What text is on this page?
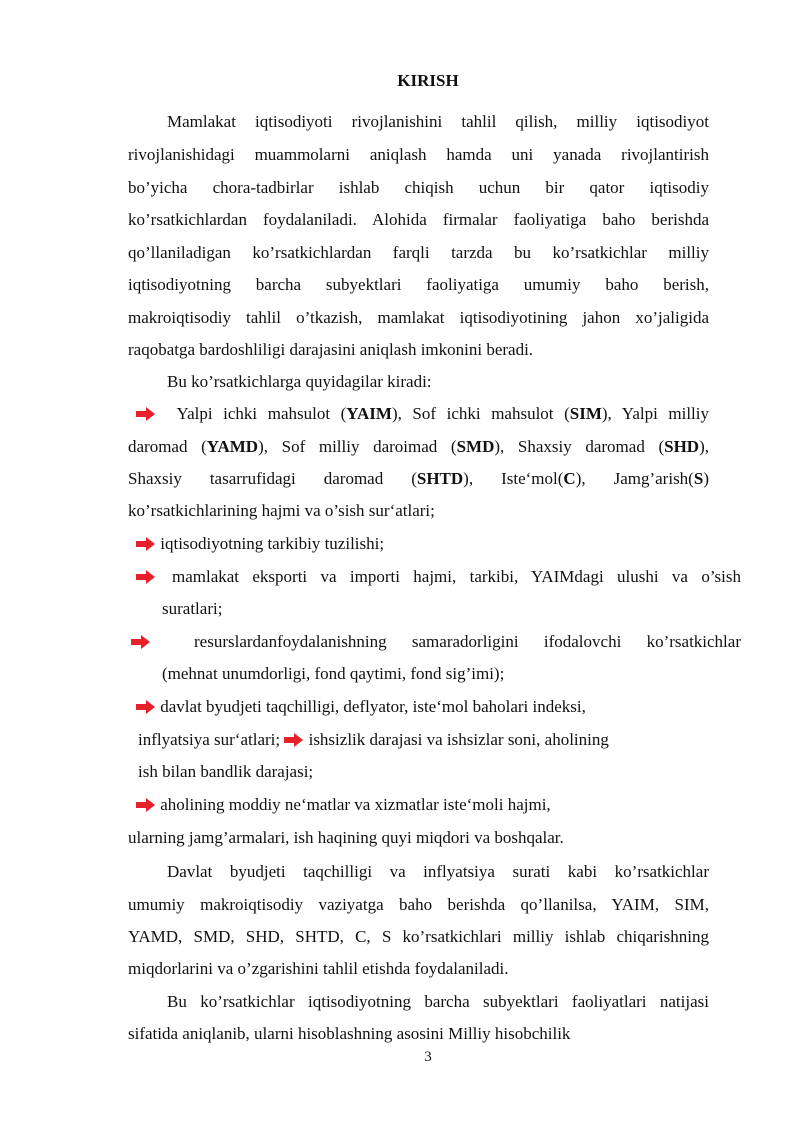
KIRISH
Mamlakat iqtisodiyoti rivojlanishini tahlil qilish, milliy iqtisodiyot
rivojlanishidagi muammolarni aniqlash hamda uni yanada rivojlantirish
bo’yicha chora-tadbirlar ishlab chiqish uchun bir qator iqtisodiy
ko’rsatkichlardan foydalaniladi. Alohida firmalar faoliyatiga baho berishda
qo’llaniladigan ko’rsatkichlardan farqli tarzda bu ko’rsatkichlar milliy
iqtisodiyotning barcha subyektlari faoliyatiga umumiy baho berish,
makroiqtisodiy tahlil o’tkazish, mamlakat iqtisodiyotining jahon xo’jaligida
raqobatga bardoshliligi darajasini aniqlash imkonini beradi.
Bu ko’rsatkichlarga quyidagilar kiradi:
Yalpi ichki mahsulot (YAIM), Sof ichki mahsulot (SIM), Yalpi milliy
daromad (YAMD), Sof milliy daroimad (SMD), Shaxsiy daromad (SHD),
Shaxsiy tasarrufidagi daromad (SHTD), Iste‘mol(C), Jamg’arish(S)
ko’rsatkichlarining hajmi va o’sish sur‘atlari;
iqtisodiyotning tarkibiy tuzilishi;
mamlakat eksporti va importi hajmi, tarkibi, YAIMdagi ulushi va o’sish
suratlari;
resurslardanfoydalanishning samaradorligini ifodalovchi ko’rsatkichlar
(mehnat unumdorligi, fond qaytimi, fond sig’imi);
davlat byudjeti taqchilligi, deflyator, iste‘mol baholari indeksi,
inflyatsiya sur‘atlari; ishsizlik darajasi va ishsizlar soni, aholining
ish bilan bandlik darajasi;
aholining moddiy ne‘matlar va xizmatlar iste‘moli hajmi,
ularning jamg’armalari, ish haqining quyi miqdori va boshqalar.
Davlat byudjeti taqchilligi va inflyatsiya surati kabi ko’rsatkichlar
umumiy makroiqtisodiy vaziyatga baho berishda qo’llanilsa, YAIM, SIM,
YAMD, SMD, SHD, SHTD, C, S ko’rsatkichlari milliy ishlab chiqarishning
miqdorlarini va o’zgarishini tahlil etishda foydalaniladi.
Bu ko’rsatkichlar iqtisodiyotning barcha subyektlari faoliyatlari natijasi
sifatida aniqlanib, ularni hisoblashning asosini Milliy hisobchilik
3
